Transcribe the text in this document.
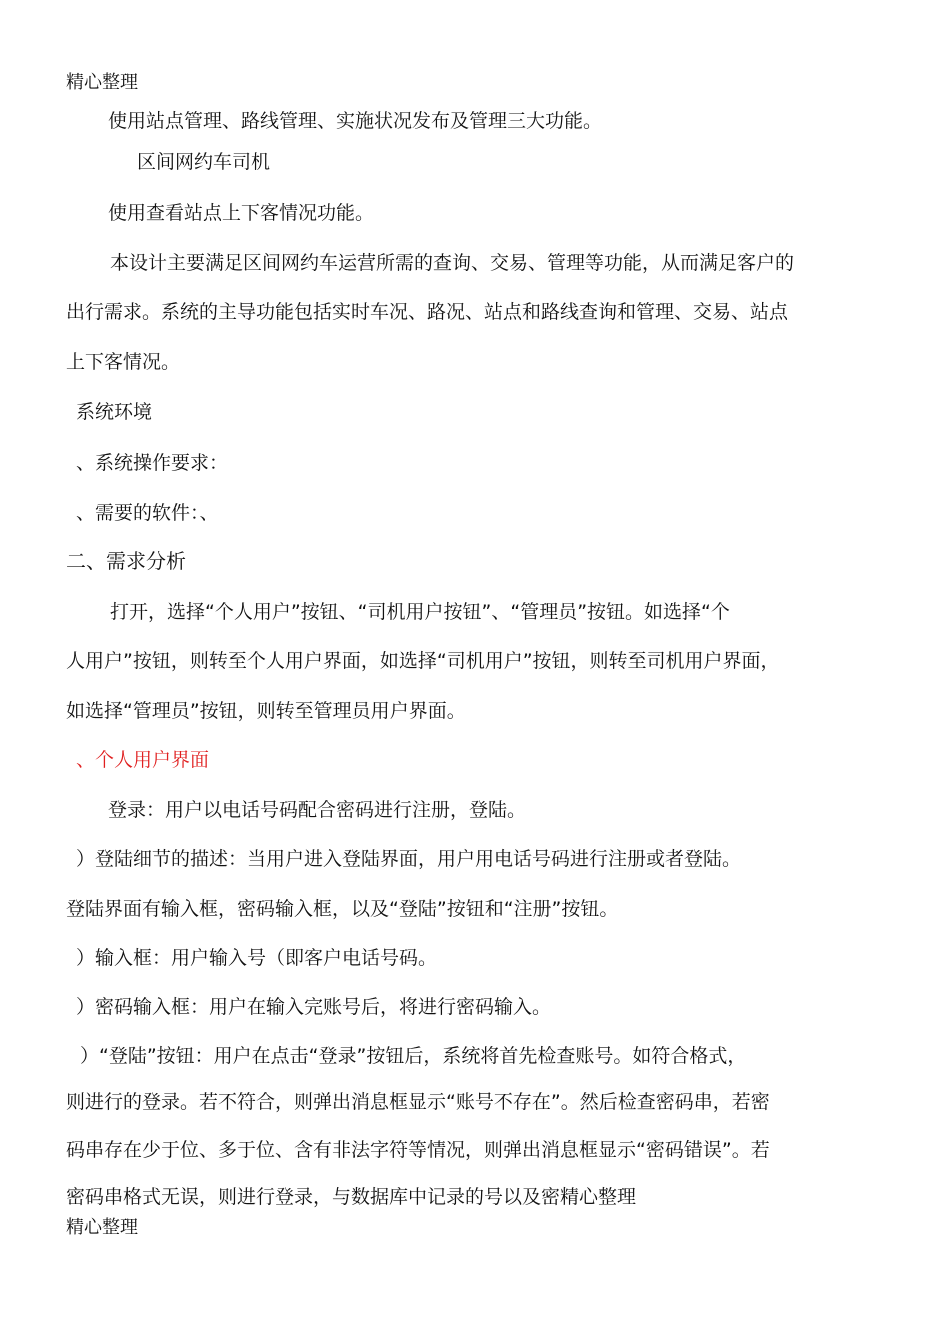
精心整理
使用站点管理、路线管理、实施状况发布及管理三大功能。
区间网约车司机
使用查看站点上下客情况功能。
本设计主要满足区间网约车运营所需的查询、交易、管理等功能，从而满足客户的
出行需求。系统的主导功能包括实时车况、路况、站点和路线查询和管理、交易、站点
上下客情况。
系统环境
、系统操作要求：
、需要的软件：、
二、需求分析
打开，选择“个人用户”按钮、“司机用户按钮”、“管理员”按钮。如选择“个
人用户”按钮，则转至个人用户界面，如选择“司机用户”按钮，则转至司机用户界面，
如选择“管理员”按钮，则转至管理员用户界面。
、个人用户界面
登录：用户以电话号码配合密码进行注册，登陆。
）登陆细节的描述：当用户进入登陆界面，用户用电话号码进行注册或者登陆。
登陆界面有输入框，密码输入框，以及“登陆”按钮和“注册”按钮。
）输入框：用户输入号（即客户电话号码。
）密码输入框：用户在输入完账号后，将进行密码输入。
）“登陆”按钮：用户在点击“登录”按钮后，系统将首先检查账号。如符合格式，
则进行的登录。若不符合，则弹出消息框显示“账号不存在”。然后检查密码串，若密
码串存在少于位、多于位、含有非法字符等情况，则弹出消息框显示“密码错误”。若
密码串格式无误，则进行登录，与数据库中记录的号以及密精心整理
精心整理
